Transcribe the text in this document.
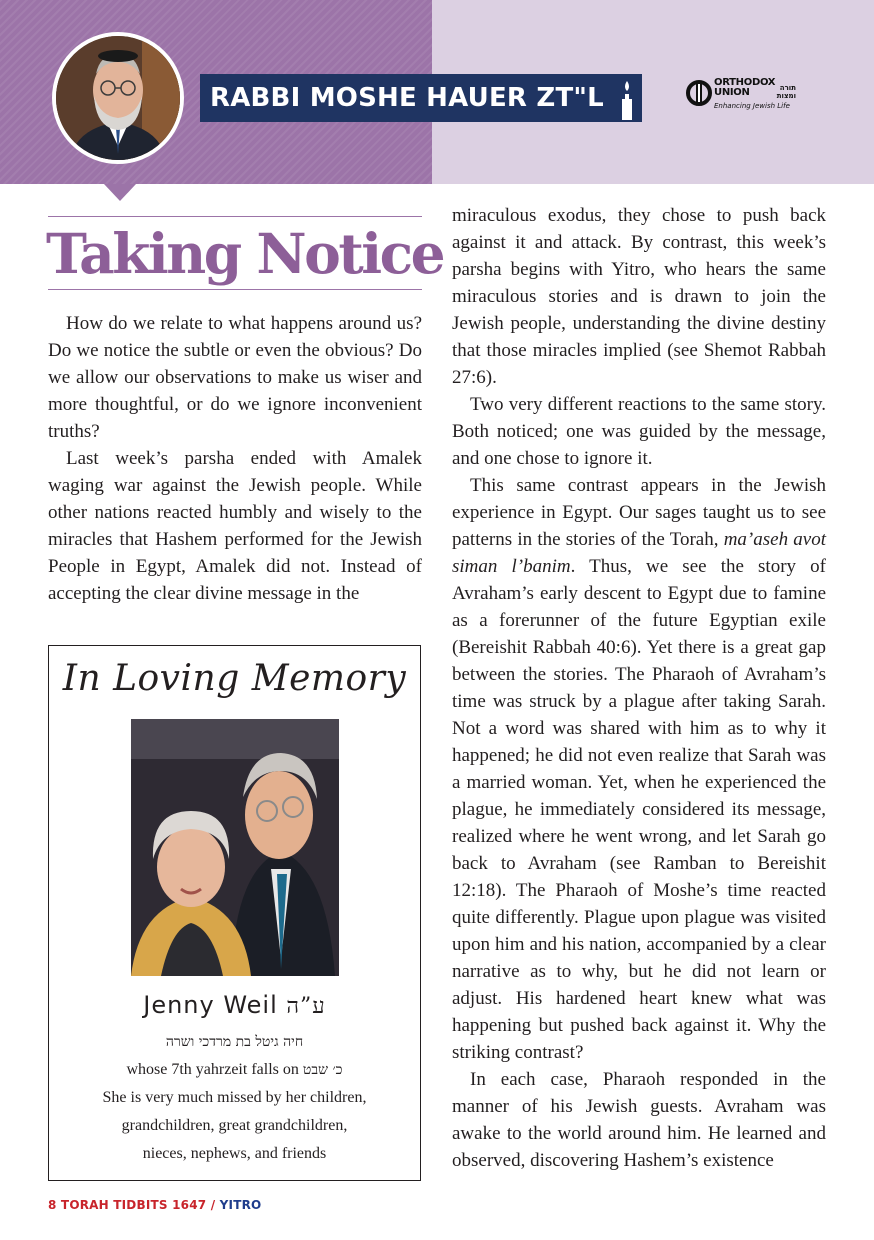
RABBI MOSHE HAUER ZT"L
ORTHODOX
UNION	תורה ומצות
Enhancing Jewish Life
Taking Notice

How do we relate to what happens around us? Do we notice the subtle or even the obvious? Do we allow our observations to make us wiser and more thoughtful, or do we ignore inconvenient truths?

Last week’s parsha ended with Amalek waging war against the Jewish people. While other nations reacted humbly and wisely to the miracles that Hashem performed for the Jewish People in Egypt, Amalek did not. Instead of accepting the clear divine message in the

In Loving Memory
Jenny Weil ע”ה
חיה גיטל בת מרדכי ושרה
whose 7th yahrzeit falls on כ׳ שבט
She is very much missed by her children,
grandchildren, great grandchildren,
nieces, nephews, and friends

miraculous exodus, they chose to push back against it and attack. By contrast, this week’s parsha begins with Yitro, who hears the same miraculous stories and is drawn to join the Jewish people, understanding the divine destiny that those miracles implied (see Shemot Rabbah 27:6).

Two very different reactions to the same story. Both noticed; one was guided by the message, and one chose to ignore it.

This same contrast appears in the Jewish experience in Egypt. Our sages taught us to see patterns in the stories of the Torah, ma’aseh avot siman l’banim. Thus, we see the story of Avraham’s early descent to Egypt due to famine as a forerunner of the future Egyptian exile (Bereishit Rabbah 40:6). Yet there is a great gap between the stories. The Pharaoh of Avraham’s time was struck by a plague after taking Sarah. Not a word was shared with him as to why it happened; he did not even realize that Sarah was a married woman. Yet, when he experienced the plague, he immediately considered its message, realized where he went wrong, and let Sarah go back to Avraham (see Ramban to Bereishit 12:18). The Pharaoh of Moshe’s time reacted quite differently. Plague upon plague was visited upon him and his nation, accompanied by a clear narrative as to why, but he did not learn or adjust. His hardened heart knew what was happening but pushed back against it. Why the striking contrast?

In each case, Pharaoh responded in the manner of his Jewish guests. Avraham was awake to the world around him. He learned and observed, discovering Hashem’s existence

8 TORAH TIDBITS 1647 / YITRO
